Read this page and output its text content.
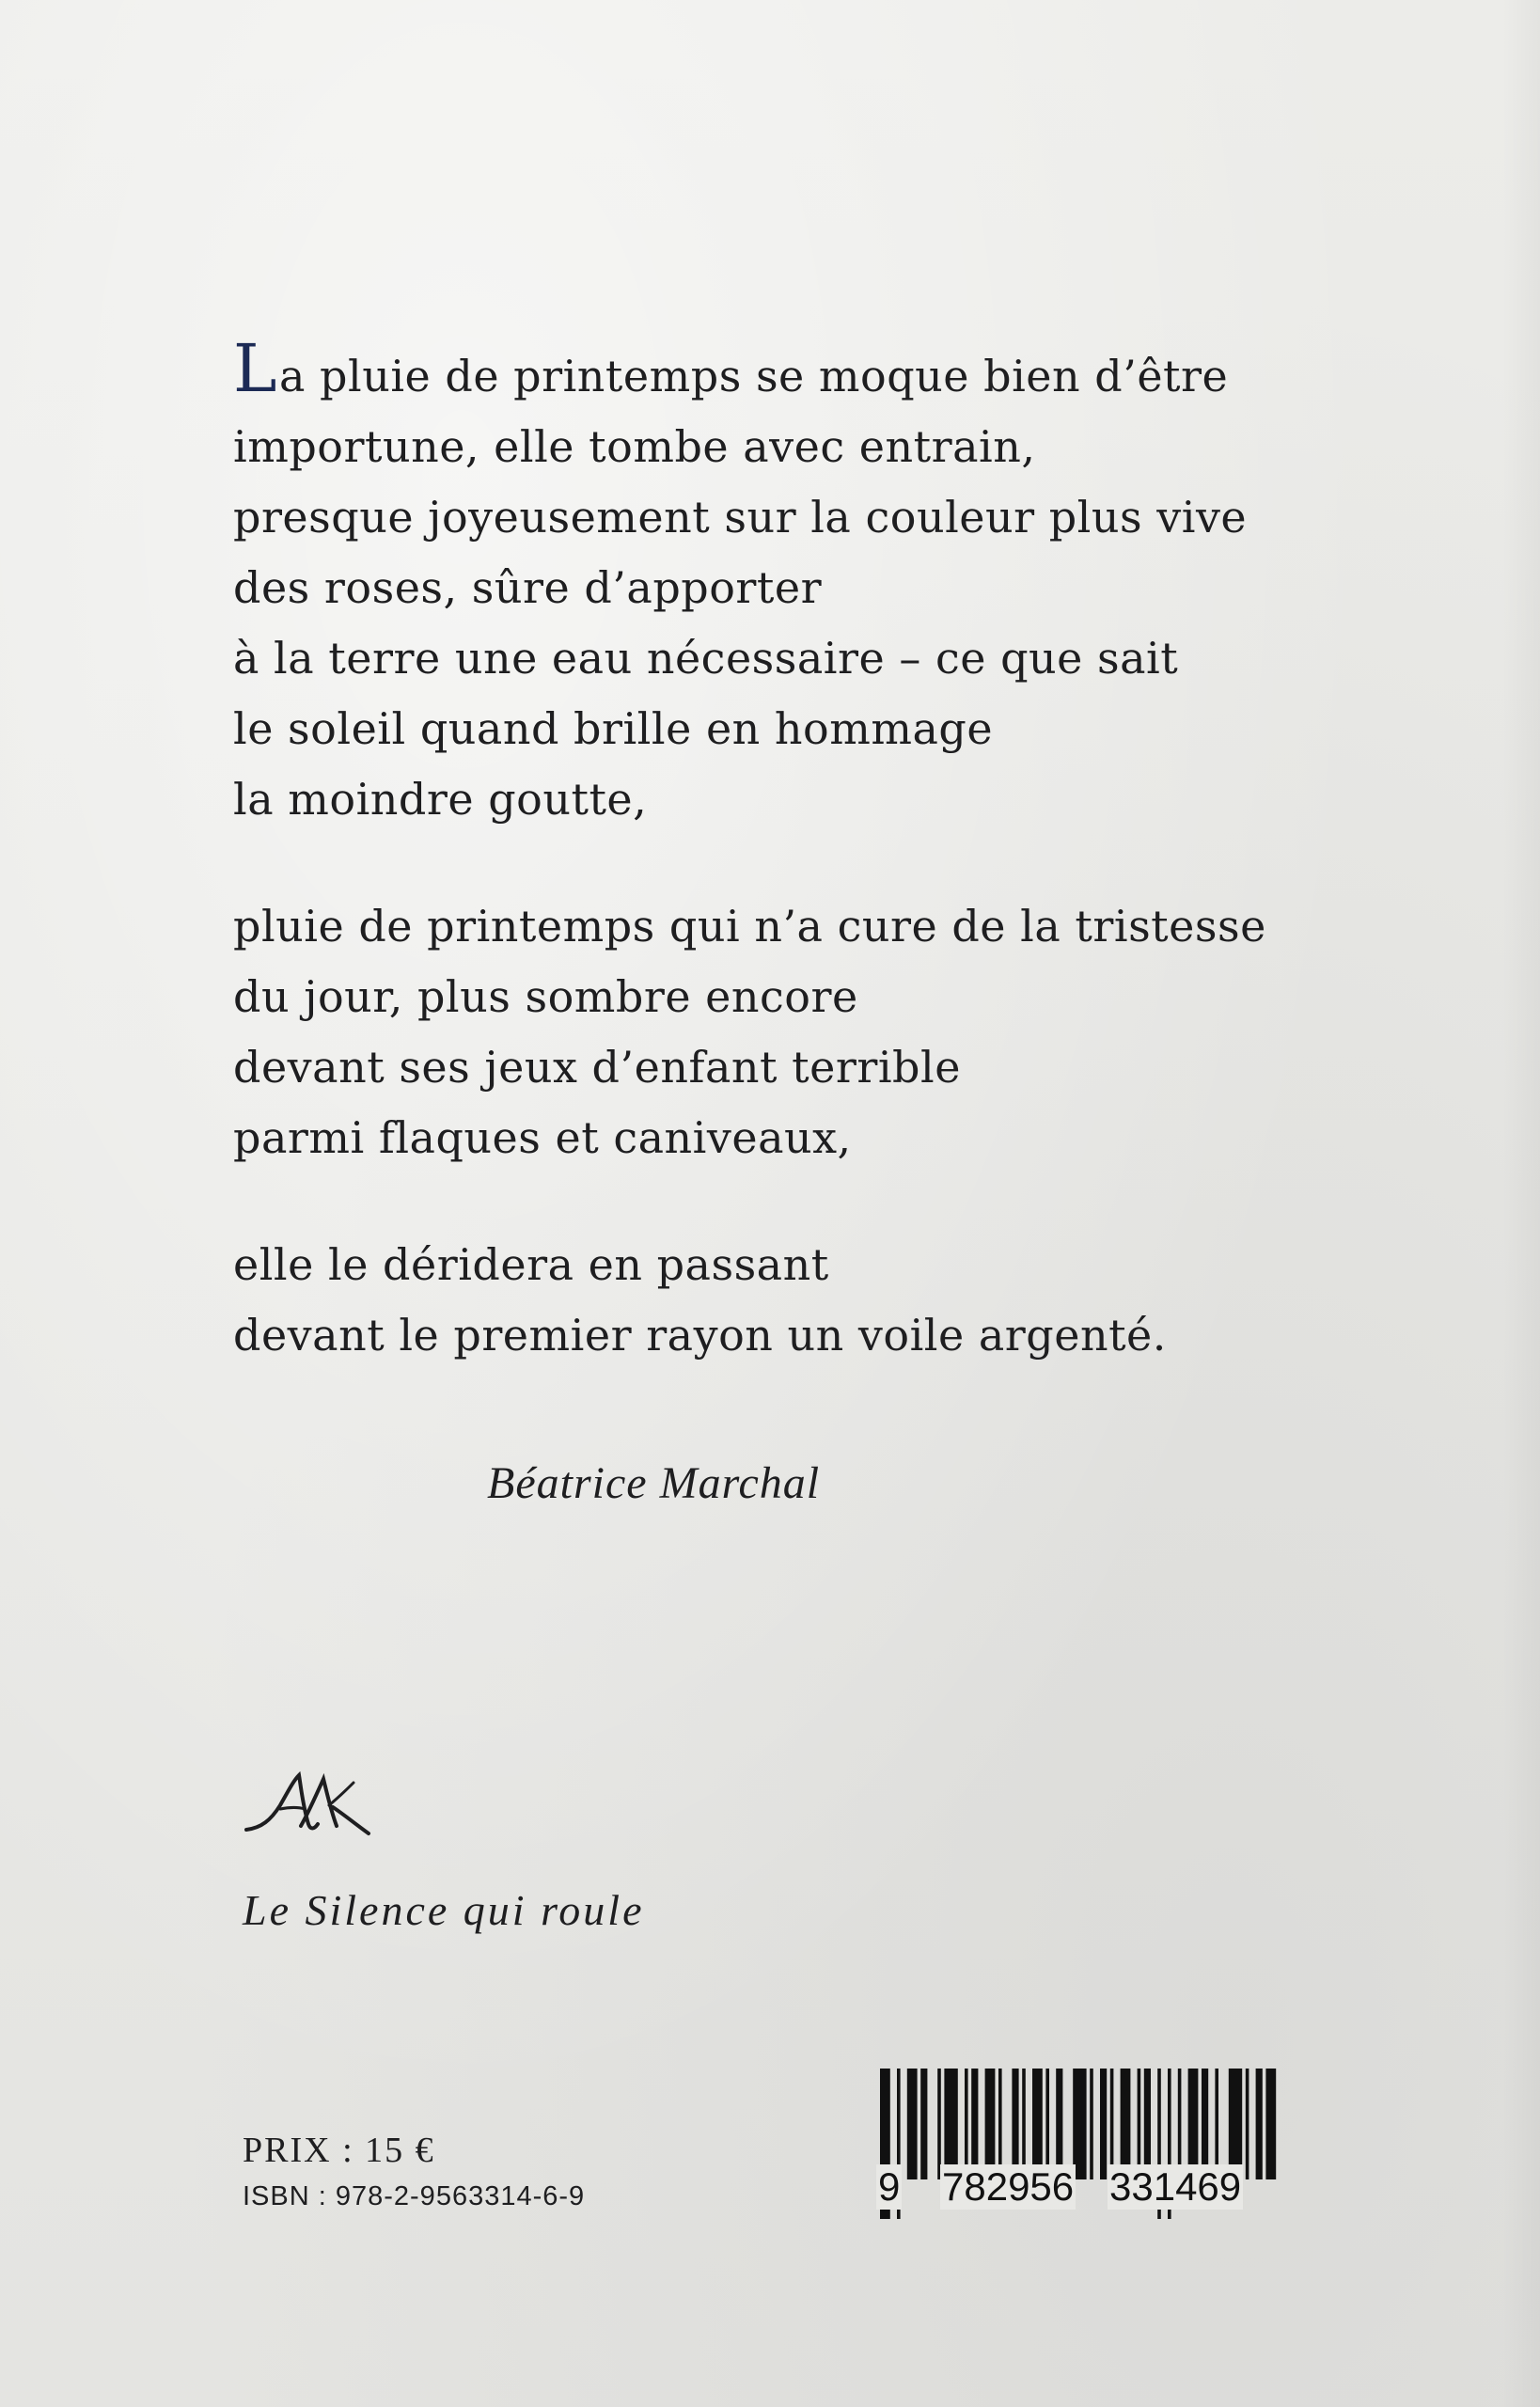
La pluie de printemps se moque bien d’être
importune, elle tombe avec entrain,
presque joyeusement sur la couleur plus vive
des roses, sûre d’apporter
à la terre une eau nécessaire – ce que sait
le soleil quand brille en hommage
la moindre goutte,

pluie de printemps qui n’a cure de la tristesse
du jour, plus sombre encore
devant ses jeux d’enfant terrible
parmi flaques et caniveaux,

elle le déridera en passant
devant le premier rayon un voile argenté.

Béatrice Marchal
Le Silence qui roule
PRIX : 15 €
ISBN : 978-2-9563314-6-9	9 782956 331469
